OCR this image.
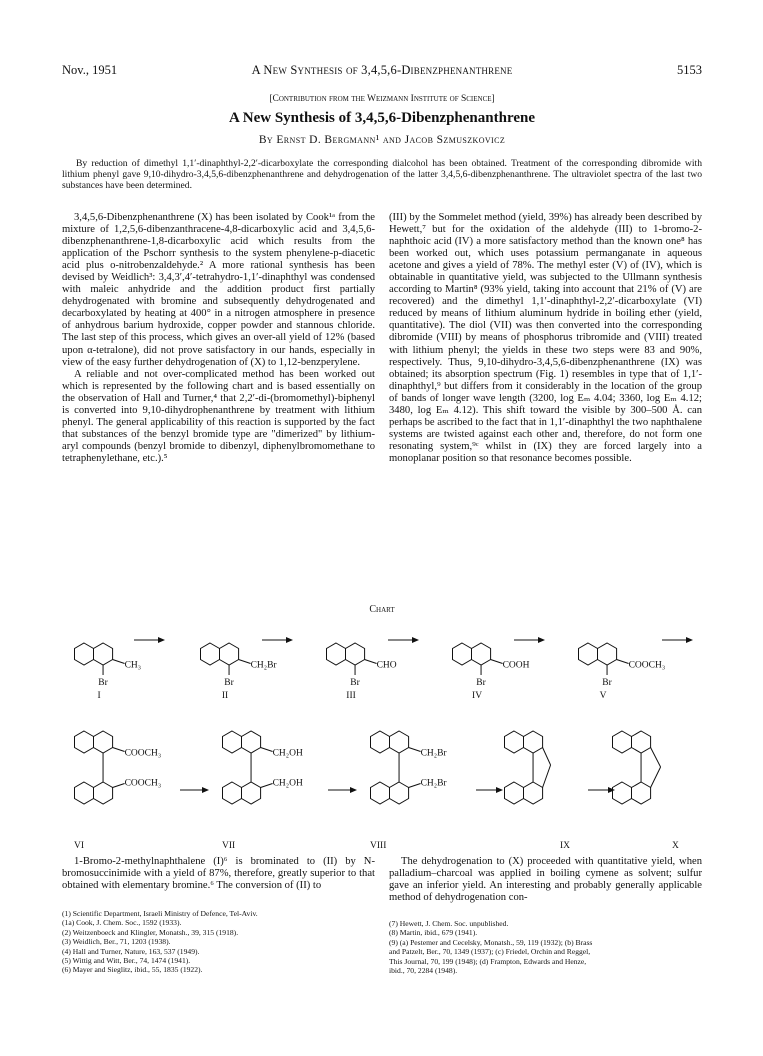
Nov., 1951	A New Synthesis of 3,4,5,6-Dibenzphenanthrene	5153
[Contribution from the Weizmann Institute of Science]
A New Synthesis of 3,4,5,6-Dibenzphenanthrene
By Ernst D. Bergmann¹ and Jacob Szmuszkovicz
By reduction of dimethyl 1,1′-dinaphthyl-2,2′-dicarboxylate the corresponding dialcohol has been obtained. Treatment of the corresponding dibromide with lithium phenyl gave 9,10-dihydro-3,4,5,6-dibenzphenanthrene and dehydrogenation of the latter 3,4,5,6-dibenzphenanthrene. The ultraviolet spectra of the last two substances have been determined.

3,4,5,6-Dibenzphenanthrene (X) has been isolated by Cook¹ᵃ from the mixture of 1,2,5,6-dibenzanthracene-4,8-dicarboxylic acid and 3,4,5,6-dibenzphenanthrene-1,8-dicarboxylic acid which results from the application of the Pschorr synthesis to the system phenylene-p-diacetic acid plus o-nitrobenzaldehyde.² A more rational synthesis has been devised by Weidlich³: 3,4,3′,4′-tetrahydro-1,1′-dinaphthyl was condensed with maleic anhydride and the addition product first partially dehydrogenated with bromine and subsequently dehydrogenated and decarboxylated by heating at 400° in a nitrogen atmosphere in presence of anhydrous barium hydroxide, copper powder and stannous chloride. The last step of this process, which gives an over-all yield of 12% (based upon α-tetralone), did not prove satisfactory in our hands, especially in view of the easy further dehydrogenation of (X) to 1,12-benzperylene.

A reliable and not over-complicated method has been worked out which is represented by the following chart and is based essentially on the observation of Hall and Turner,⁴ that 2,2′-di-(bromomethyl)-biphenyl is converted into 9,10-dihydrophenanthrene by treatment with lithium phenyl. The general applicability of this reaction is supported by the fact that substances of the benzyl bromide type are "dimerized" by lithium-aryl compounds (benzyl bromide to dibenzyl, diphenylbromomethane to tetraphenylethane, etc.).⁵

(III) by the Sommelet method (yield, 39%) has already been described by Hewett,⁷ but for the oxidation of the aldehyde (III) to 1-bromo-2-naphthoic acid (IV) a more satisfactory method than the known one⁸ has been worked out, which uses potassium permanganate in aqueous acetone and gives a yield of 78%. The methyl ester (V) of (IV), which is obtainable in quantitative yield, was subjected to the Ullmann synthesis according to Martin⁸ (93% yield, taking into account that 21% of (V) are recovered) and the dimethyl 1,1′-dinaphthyl-2,2′-dicarboxylate (VI) reduced by means of lithium aluminum hydride in boiling ether (yield, quantitative). The diol (VII) was then converted into the corresponding dibromide (VIII) by means of phosphorus tribromide and (VIII) treated with lithium phenyl; the yields in these two steps were 83 and 90%, respectively. Thus, 9,10-dihydro-3,4,5,6-dibenzphenanthrene (IX) was obtained; its absorption spectrum (Fig. 1) resembles in type that of 1,1′-dinaphthyl,⁹ but differs from it considerably in the location of the group of bands of longer wave length (3200, log Eₘ 4.04; 3360, log Eₘ 4.12; 3480, log Eₘ 4.12). This shift toward the visible by 300–500 Å. can perhaps be ascribed to the fact that in 1,1′-dinaphthyl the two naphthalene systems are twisted against each other and, therefore, do not form one resonating system,⁹ᶜ whilst in (IX) they are forced largely into a monoplanar position so that resonance becomes possible.

Chart
CH₃
Br
I
CH₂Br
Br
II
CHO
Br
III
COOH
Br
IV
COOCH₃
Br
V
COOCH₃
COOCH₃
VI
CH₂OH
CH₂OH
VII
CH₂Br
CH₂Br
VIII	IX	X

1-Bromo-2-methylnaphthalene (I)⁶ is brominated to (II) by N-bromosuccinimide with a yield of 87%, therefore, greatly superior to that obtained with elementary bromine.⁶ The conversion of (II) to

The dehydrogenation to (X) proceeded with quantitative yield, when palladium–charcoal was applied in boiling cymene as solvent; sulfur gave an inferior yield. An interesting and probably generally applicable method of dehydrogenation con-

(1) Scientific Department, Israeli Ministry of Defence, Tel-Aviv.
(1a) Cook, J. Chem. Soc., 1592 (1933).
(2) Weitzenboeck and Klingler, Monatsh., 39, 315 (1918).
(3) Weidlich, Ber., 71, 1203 (1938).
(4) Hall and Turner, Nature, 163, 537 (1949).
(5) Wittig and Witt, Ber., 74, 1474 (1941).
(6) Mayer and Sieglitz, ibid., 55, 1835 (1922).
(7) Hewett, J. Chem. Soc. unpublished.
(8) Martin, ibid., 679 (1941).
(9) (a) Pestemer and Cecelsky, Monatsh., 59, 119 (1932); (b) Brass
and Patzelt, Ber., 70, 1349 (1937); (c) Friedel, Orchin and Reggel,
This Journal, 70, 199 (1948); (d) Frampton, Edwards and Henze,
ibid., 70, 2284 (1948).
